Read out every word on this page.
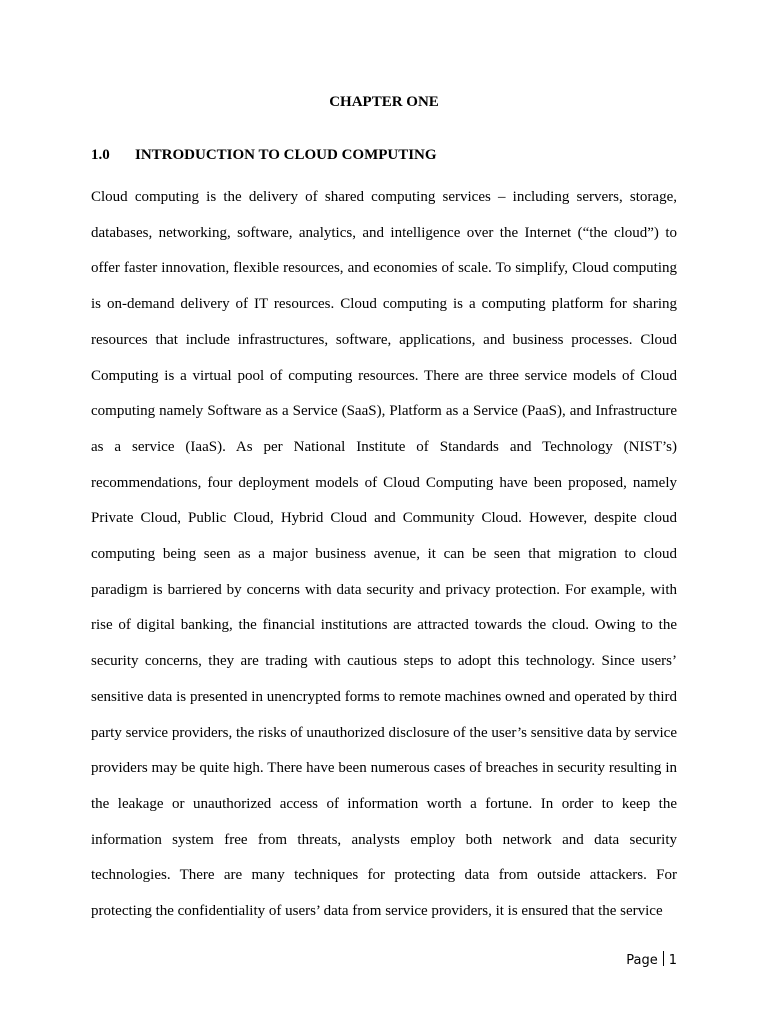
CHAPTER ONE
1.0 INTRODUCTION TO CLOUD COMPUTING

Cloud computing is the delivery of shared computing services – including servers, storage, databases, networking, software, analytics, and intelligence over the Internet (“the cloud”) to offer faster innovation, flexible resources, and economies of scale. To simplify, Cloud computing is on-demand delivery of IT resources. Cloud computing is a computing platform for sharing resources that include infrastructures, software, applications, and business processes. Cloud Computing is a virtual pool of computing resources. There are three service models of Cloud computing namely Software as a Service (SaaS), Platform as a Service (PaaS), and Infrastructure as a service (IaaS). As per National Institute of Standards and Technology (NIST’s) recommendations, four deployment models of Cloud Computing have been proposed, namely Private Cloud, Public Cloud, Hybrid Cloud and Community Cloud. However, despite cloud computing being seen as a major business avenue, it can be seen that migration to cloud paradigm is barriered by concerns with data security and privacy protection. For example, with rise of digital banking, the financial institutions are attracted towards the cloud. Owing to the security concerns, they are trading with cautious steps to adopt this technology. Since users’ sensitive data is presented in unencrypted forms to remote machines owned and operated by third party service providers, the risks of unauthorized disclosure of the user’s sensitive data by service providers may be quite high. There have been numerous cases of breaches in security resulting in the leakage or unauthorized access of information worth a fortune. In order to keep the information system free from threats, analysts employ both network and data security technologies. There are many techniques for protecting data from outside attackers. For protecting the confidentiality of users’ data from service providers, it is ensured that the service

Page 1
